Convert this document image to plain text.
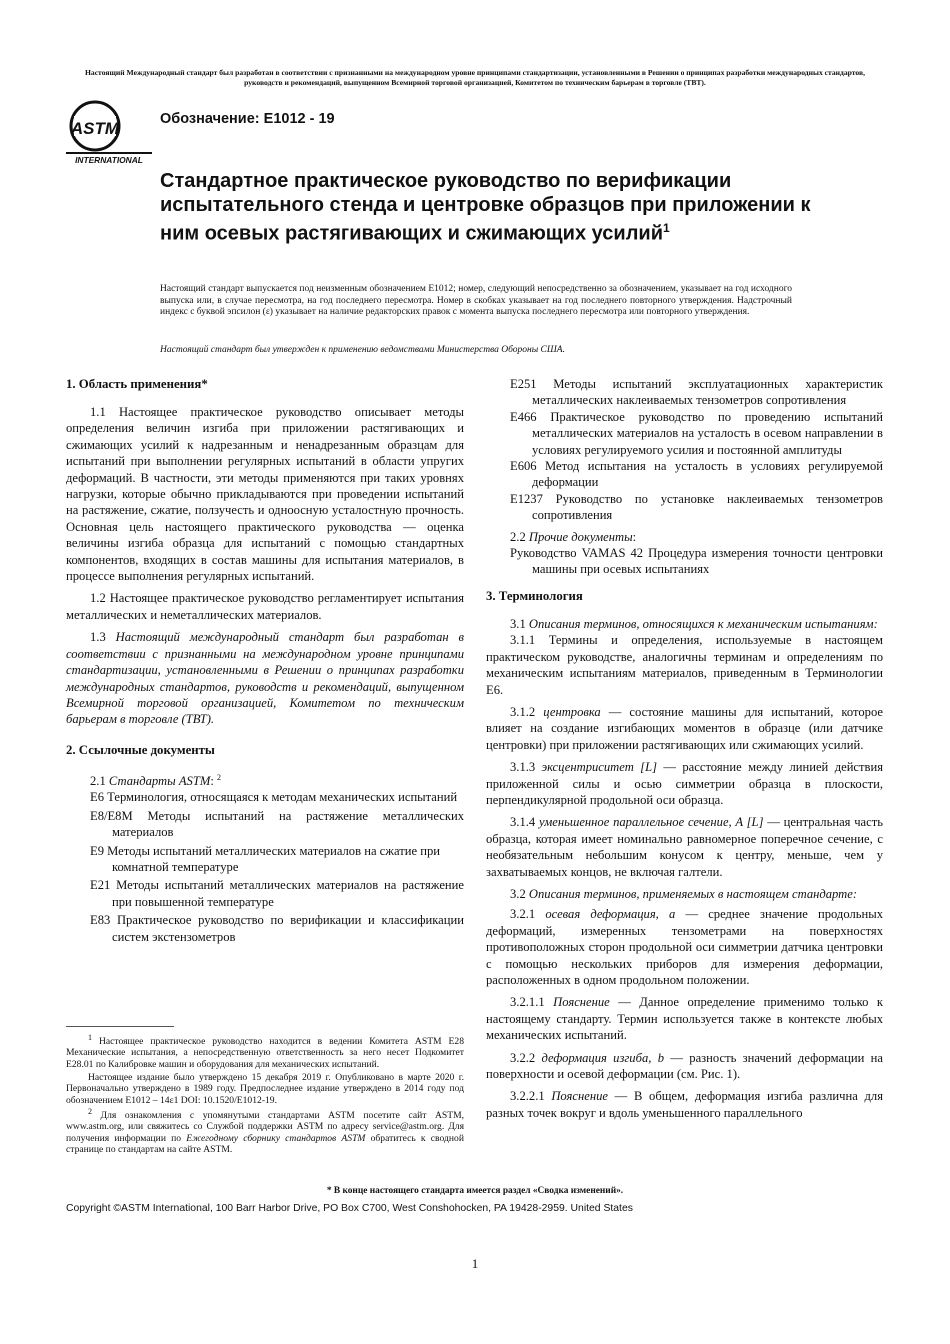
Настоящий Международный стандарт был разработан в соответствии с признанными на международном уровне принципами стандартизации, установленными в Решении о принципах разработки международных стандартов, руководств и рекомендаций, выпущенном Всемирной торговой организацией, Комитетом по техническим барьерам в торговле (ТВТ).
ASTM
INTERNATIONAL
Обозначение: E1012 - 19
Стандартное практическое руководство по верификации испытательного стенда и центровке образцов при приложении к ним осевых растягивающих и сжимающих усилий$^1$
Настоящий стандарт выпускается под неизменным обозначением E1012; номер, следующий непосредственно за обозначением, указывает на год исходного выпуска или, в случае пересмотра, на год последнего пересмотра. Номер в скобках указывает на год последнего повторного утверждения. Надстрочный индекс с буквой эпсилон (ε) указывает на наличие редакторских правок с момента выпуска последнего пересмотра или повторного утверждения.
Настоящий стандарт был утвержден к применению ведомствами Министерства Обороны США.
1. Область применения*

1.1 Настоящее практическое руководство описывает методы определения величин изгиба при приложении растягивающих и сжимающих усилий к надрезанным и ненадрезанным образцам для испытаний при выполнении регулярных испытаний в области упругих деформаций. В частности, эти методы применяются при таких уровнях нагрузки, которые обычно прикладываются при проведении испытаний на растяжение, сжатие, ползучесть и одноосную усталостную прочность. Основная цель настоящего практического руководства — оценка величины изгиба образца для испытаний с помощью стандартных компонентов, входящих в состав машины для испытания материалов, в процессе выполнения регулярных испытаний.

1.2 Настоящее практическое руководство регламентирует испытания металлических и неметаллических материалов.

1.3 Настоящий международный стандарт был разработан в соответствии с признанными на международном уровне принципами стандартизации, установленными в Решении о принципах разработки международных стандартов, руководств и рекомендаций, выпущенном Всемирной торговой организацией, Комитетом по техническим барьерам в торговле (ТВТ).

2. Ссылочные документы

2.1 Стандарты ASTM: $^2$

E6 Терминология, относящаяся к методам механических испытаний

E8/E8M Методы испытаний на растяжение металлических материалов

E9 Методы испытаний металлических материалов на сжатие при комнатной температуре

E21 Методы испытаний металлических материалов на растяжение при повышенной температуре

E83 Практическое руководство по верификации и классификации систем экстензометров

$^1$ Настоящее практическое руководство находится в ведении Комитета ASTM E28 Механические испытания, а непосредственную ответственность за него несет Подкомитет E28.01 по Калибровке машин и оборудования для механических испытаний.

Настоящее издание было утверждено 15 декабря 2019 г. Опубликовано в марте 2020 г. Первоначально утверждено в 1989 году. Предпоследнее издание утверждено в 2014 году под обозначением E1012 – 14ε1 DOI: 10.1520/E1012-19.

$^2$ Для ознакомления с упомянутыми стандартами ASTM посетите сайт ASTM, www.astm.org, или свяжитесь со Службой поддержки ASTM по адресу service@astm.org. Для получения информации по Ежегодному сборнику стандартов ASTM обратитесь к сводной странице по стандартам на сайте ASTM.

E251 Методы испытаний эксплуатационных характеристик металлических наклеиваемых тензометров сопротивления

E466 Практическое руководство по проведению испытаний металлических материалов на усталость в осевом направлении в условиях регулируемого усилия и постоянной амплитуды

E606 Метод испытания на усталость в условиях регулируемой деформации

E1237 Руководство по установке наклеиваемых тензометров сопротивления

2.2 Прочие документы:

Руководство VAMAS 42 Процедура измерения точности центровки машины при осевых испытаниях

3. Терминология

3.1 Описания терминов, относящихся к механическим испытаниям:

3.1.1 Термины и определения, используемые в настоящем практическом руководстве, аналогичны терминам и определениям по механическим испытаниям материалов, приведенным в Терминологии E6.

3.1.2 центровка — состояние машины для испытаний, которое влияет на создание изгибающих моментов в образце (или датчике центровки) при приложении растягивающих или сжимающих усилий.

3.1.3 эксцентриситет [L] — расстояние между линией действия приложенной силы и осью симметрии образца в плоскости, перпендикулярной продольной оси образца.

3.1.4 уменьшенное параллельное сечение, A [L] — центральная часть образца, которая имеет номинально равномерное поперечное сечение, с необязательным небольшим конусом к центру, меньше, чем у захватываемых концов, не включая галтели.

3.2 Описания терминов, применяемых в настоящем стандарте:

3.2.1 осевая деформация, a — среднее значение продольных деформаций, измеренных тензометрами на поверхностях противоположных сторон продольной оси симметрии датчика центровки с помощью нескольких приборов для измерения деформации, расположенных в одном продольном положении.

3.2.1.1 Пояснение — Данное определение применимо только к настоящему стандарту. Термин используется также в контексте любых механических испытаний.

3.2.2 деформация изгиба, b — разность значений деформации на поверхности и осевой деформации (см. Рис. 1).

3.2.2.1 Пояснение — В общем, деформация изгиба различна для разных точек вокруг и вдоль уменьшенного параллельного

* В конце настоящего стандарта имеется раздел «Сводка изменений».
Copyright ©ASTM International, 100 Barr Harbor Drive, PO Box C700, West Conshohocken, PA 19428-2959. United States
1
